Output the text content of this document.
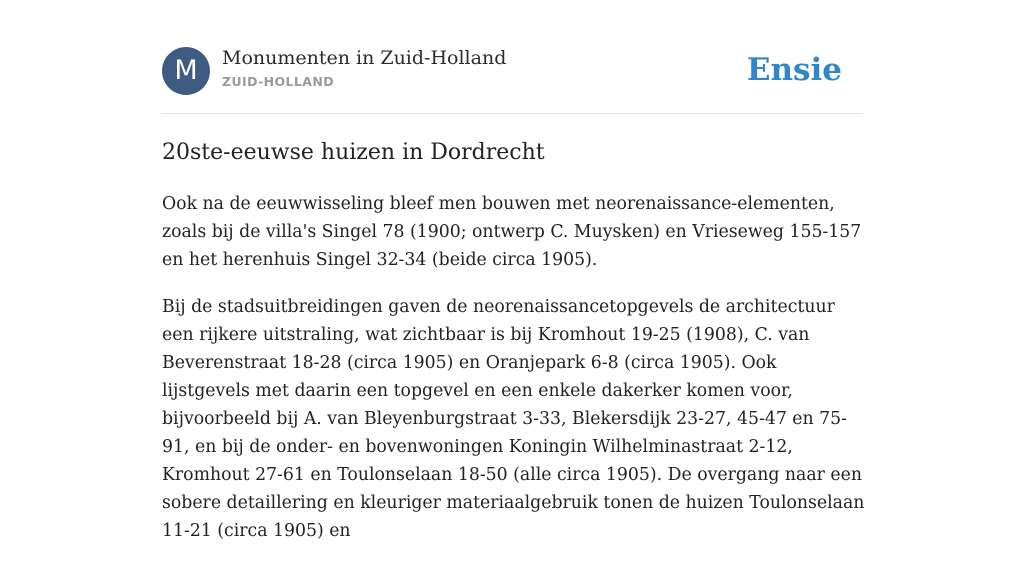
M	Monumenten in Zuid-Holland
ZUID-HOLLAND	Ensie
20ste-eeuwse huizen in Dordrecht

Ook na de eeuwwisseling bleef men bouwen met neorenaissance-elementen, zoals bij de villa's Singel 78 (1900; ontwerp C. Muysken) en Vrieseweg 155-157 en het herenhuis Singel 32-34 (beide circa 1905).

Bij de stadsuitbreidingen gaven de neorenaissancetopgevels de architectuur een rijkere uitstraling, wat zichtbaar is bij Kromhout 19-25 (1908), C. van Beverenstraat 18-28 (circa 1905) en Oranjepark 6-8 (circa 1905). Ook lijstgevels met daarin een topgevel en een enkele dakerker komen voor, bijvoorbeeld bij A. van Bleyenburgstraat 3-33, Blekersdijk 23-27, 45-47 en 75-91, en bij de onder- en bovenwoningen Koningin Wilhelminastraat 2-12, Kromhout 27-61 en Toulonselaan 18-50 (alle circa 1905). De overgang naar een sobere detaillering en kleuriger materiaalgebruik tonen de huizen Toulonselaan 11-21 (circa 1905) en
